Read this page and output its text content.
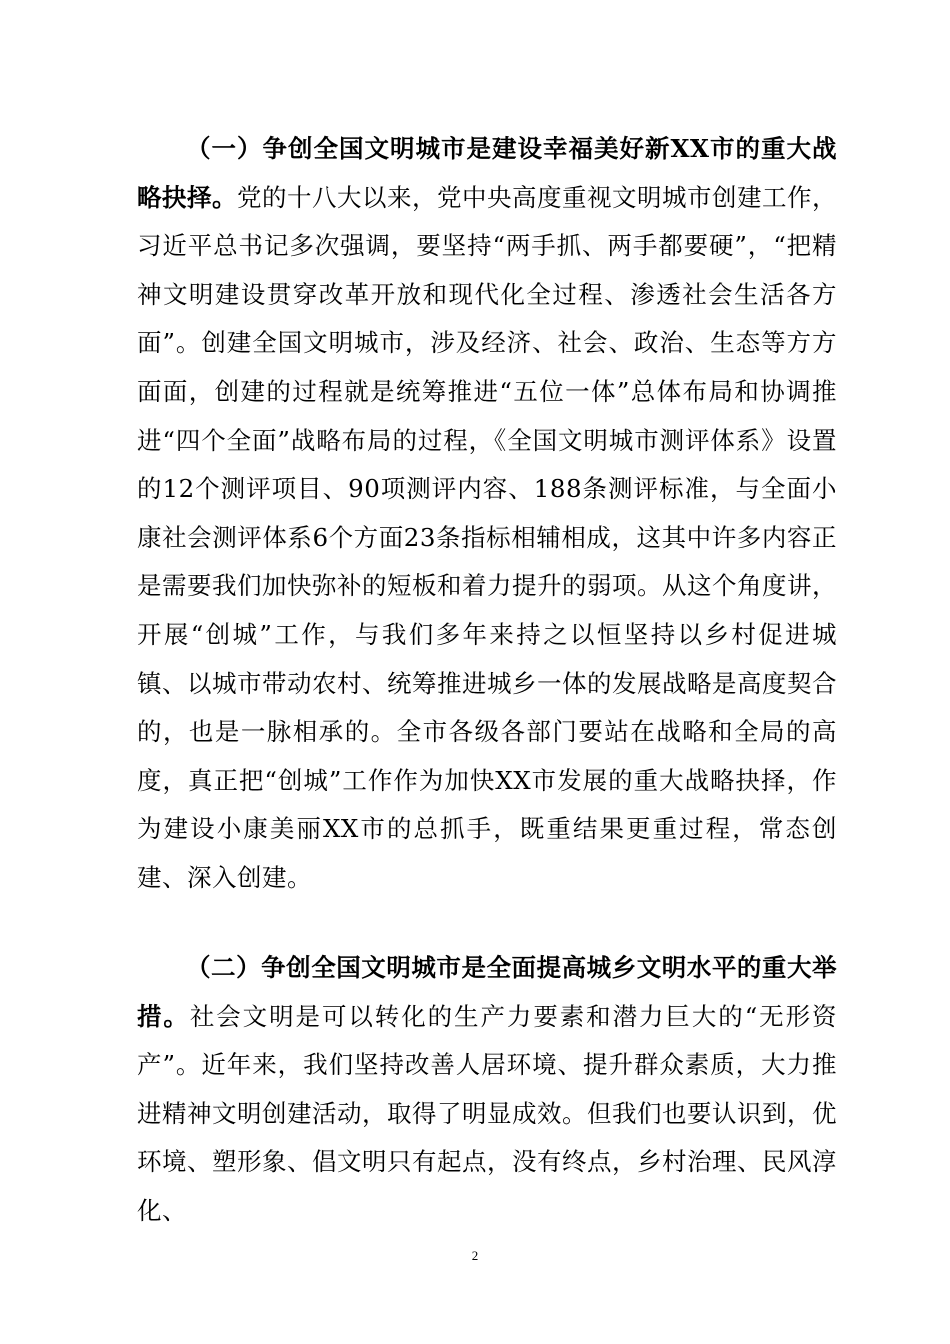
（一）争创全国文明城市是建设幸福美好新XX市的重大战略抉择。党的十八大以来，党中央高度重视文明城市创建工作，习近平总书记多次强调，要坚持“两手抓、两手都要硬”，“把精神文明建设贯穿改革开放和现代化全过程、渗透社会生活各方面”。创建全国文明城市，涉及经济、社会、政治、生态等方方面面，创建的过程就是统筹推进“五位一体”总体布局和协调推进“四个全面”战略布局的过程，《全国文明城市测评体系》设置的12个测评项目、90项测评内容、188条测评标准，与全面小康社会测评体系6个方面23条指标相辅相成，这其中许多内容正是需要我们加快弥补的短板和着力提升的弱项。从这个角度讲，开展“创城”工作，与我们多年来持之以恒坚持以乡村促进城镇、以城市带动农村、统筹推进城乡一体的发展战略是高度契合的，也是一脉相承的。全市各级各部门要站在战略和全局的高度，真正把“创城”工作作为加快XX市发展的重大战略抉择，作为建设小康美丽XX市的总抓手，既重结果更重过程，常态创建、深入创建。

（二）争创全国文明城市是全面提高城乡文明水平的重大举措。社会文明是可以转化的生产力要素和潜力巨大的“无形资产”。近年来，我们坚持改善人居环境、提升群众素质，大力推进精神文明创建活动，取得了明显成效。但我们也要认识到，优环境、塑形象、倡文明只有起点，没有终点，乡村治理、民风淳化、

2
